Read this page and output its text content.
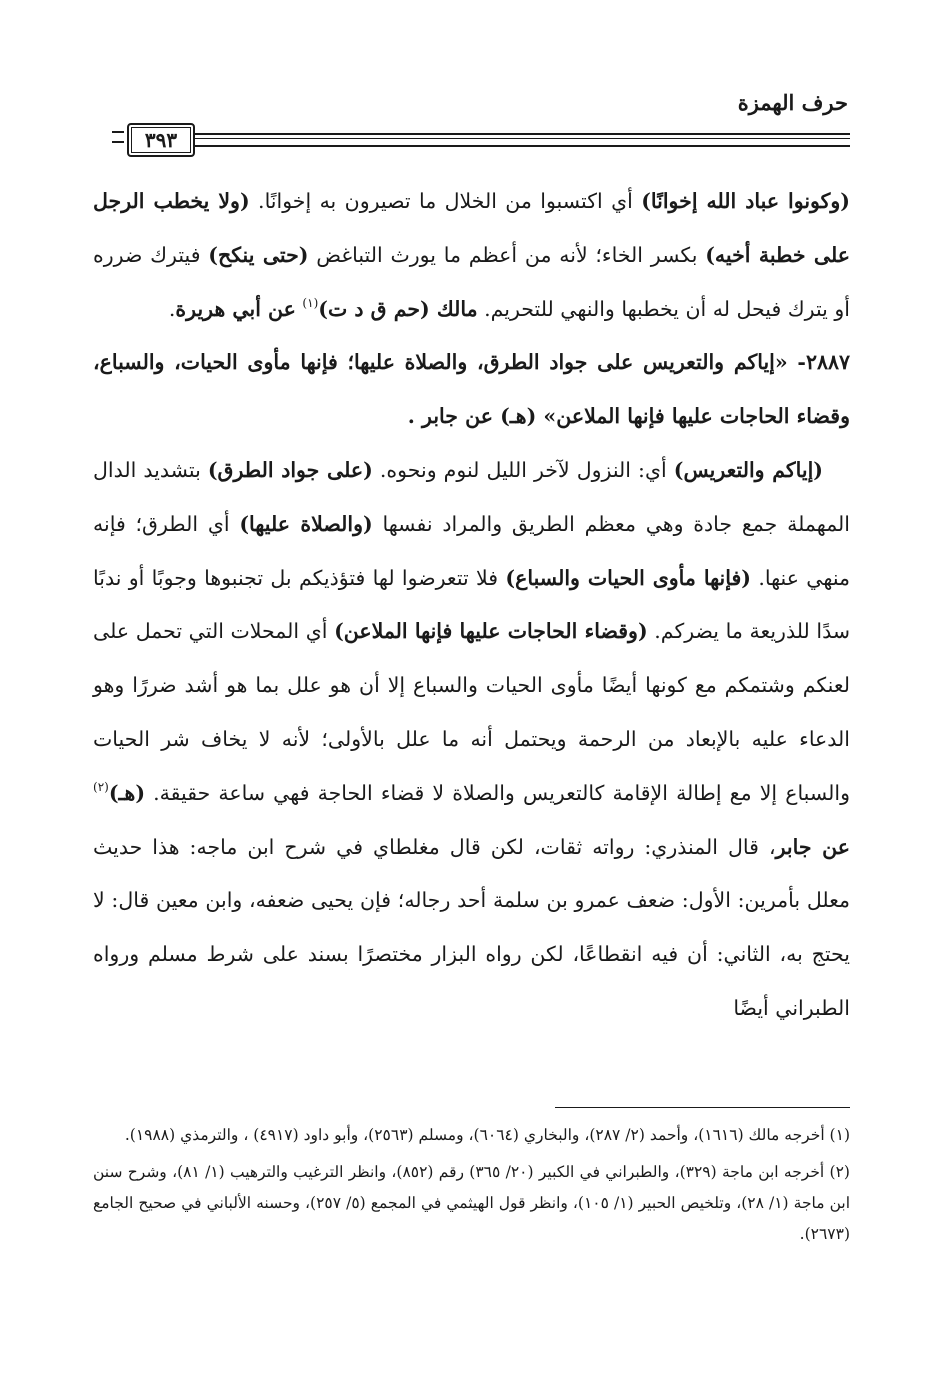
حرف الهمزة
٣٩٣

(وكونوا عباد الله إخوانًا) أي اكتسبوا من الخلال ما تصيرون به إخوانًا. (ولا يخطب الرجل على خطبة أخيه) بكسر الخاء؛ لأنه من أعظم ما يورث التباغض (حتى ينكح) فيترك ضرره أو يترك فيحل له أن يخطبها والنهي للتحريم. مالك (حم ق د ت)$^{(١)}$ عن أبي هريرة.

٢٨٨٧- «إياكم والتعريس على جواد الطرق، والصلاة عليها؛ فإنها مأوى الحيات، والسباع، وقضاء الحاجات عليها فإنها الملاعن» (هـ) عن جابر .

(إياكم والتعريس) أي: النزول لآخر الليل لنوم ونحوه. (على جواد الطرق) بتشديد الدال المهملة جمع جادة وهي معظم الطريق والمراد نفسها (والصلاة عليها) أي الطرق؛ فإنه منهي عنها. (فإنها مأوى الحيات والسباع) فلا تتعرضوا لها فتؤذيكم بل تجنبوها وجوبًا أو ندبًا سدًا للذريعة ما يضركم. (وقضاء الحاجات عليها فإنها الملاعن) أي المحلات التي تحمل على لعنكم وشتمكم مع كونها أيضًا مأوى الحيات والسباع إلا أن هو علل بما هو أشد ضررًا وهو الدعاء عليه بالإبعاد من الرحمة ويحتمل أنه ما علل بالأولى؛ لأنه لا يخاف شر الحيات والسباع إلا مع إطالة الإقامة كالتعريس والصلاة لا قضاء الحاجة فهي ساعة حقيقة. (هـ)$^{(٢)}$ عن جابر، قال المنذري: رواته ثقات، لكن قال مغلطاي في شرح ابن ماجه: هذا حديث معلل بأمرين: الأول: ضعف عمرو بن سلمة أحد رجاله؛ فإن يحيى ضعفه، وابن معين قال: لا يحتج به، الثاني: أن فيه انقطاعًا، لكن رواه البزار مختصرًا بسند على شرط مسلم ورواه الطبراني أيضًا

(١) أخرجه مالك (١٦١٦)، وأحمد (٢/ ٢٨٧)، والبخاري (٦٠٦٤)، ومسلم (٢٥٦٣)، وأبو داود (٤٩١٧) ، والترمذي (١٩٨٨).

(٢) أخرجه ابن ماجة (٣٢٩)، والطبراني في الكبير (٢٠/ ٣٦٥) رقم (٨٥٢)، وانظر الترغيب والترهيب (١/ ٨١)، وشرح سنن ابن ماجة (١/ ٢٨)، وتلخيص الحبير (١/ ١٠٥)، وانظر قول الهيثمي في المجمع (٥/ ٢٥٧)، وحسنه الألباني في صحيح الجامع (٢٦٧٣).
